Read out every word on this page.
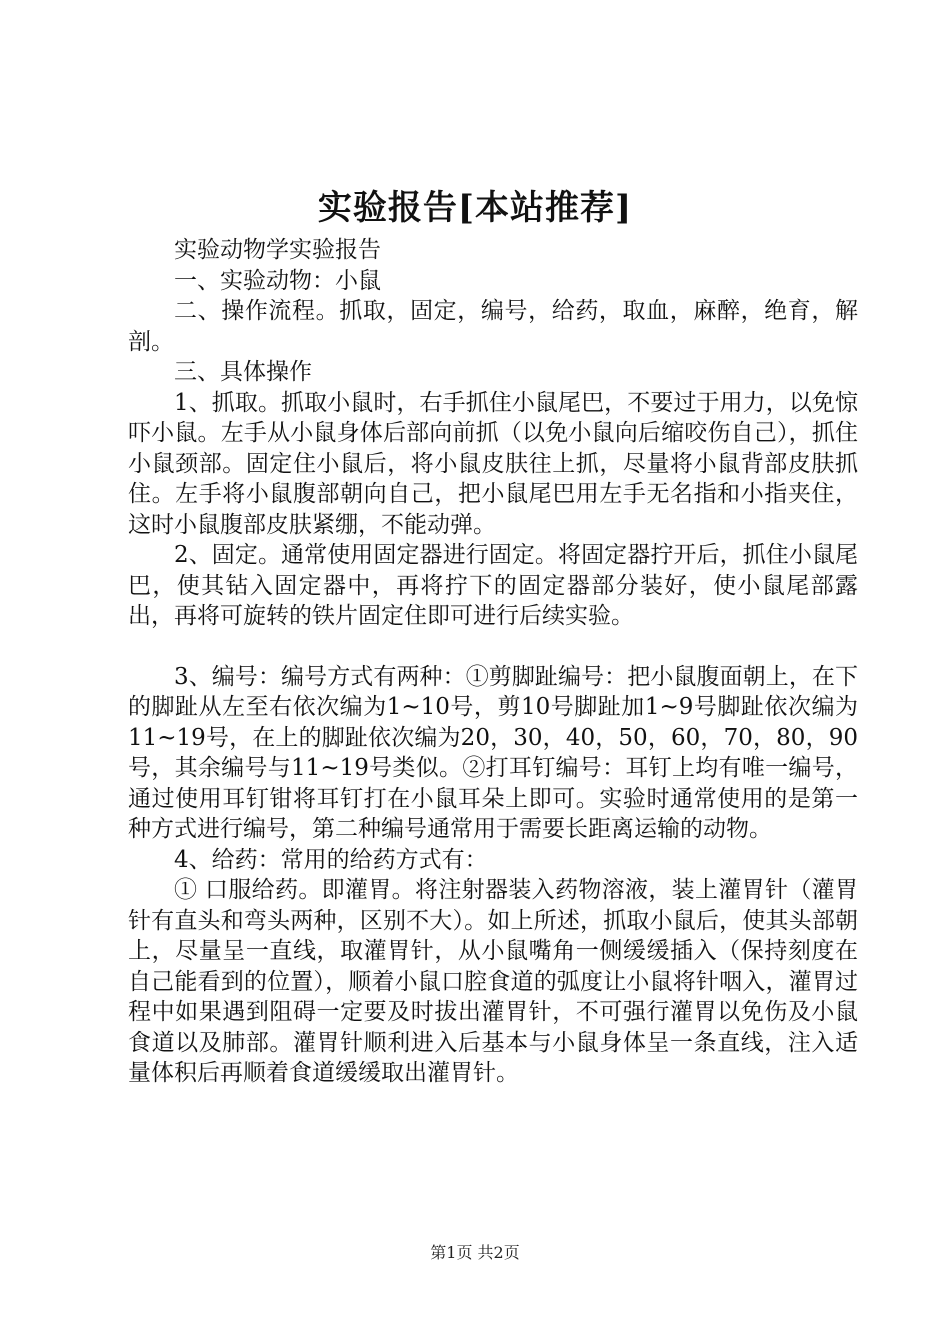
实验报告[本站推荐]

实验动物学实验报告

一、实验动物：小鼠

二、操作流程。抓取，固定，编号，给药，取血，麻醉，绝育，解剖。

三、具体操作

1、抓取。抓取小鼠时，右手抓住小鼠尾巴，不要过于用力，以免惊吓小鼠。左手从小鼠身体后部向前抓（以免小鼠向后缩咬伤自己），抓住小鼠颈部。固定住小鼠后，将小鼠皮肤往上抓，尽量将小鼠背部皮肤抓住。左手将小鼠腹部朝向自己，把小鼠尾巴用左手无名指和小指夹住，这时小鼠腹部皮肤紧绷，不能动弹。

2、固定。通常使用固定器进行固定。将固定器拧开后，抓住小鼠尾巴，使其钻入固定器中，再将拧下的固定器部分装好，使小鼠尾部露出，再将可旋转的铁片固定住即可进行后续实验。

3、编号：编号方式有两种：①剪脚趾编号：把小鼠腹面朝上，在下的脚趾从左至右依次编为1~10号，剪10号脚趾加1~9号脚趾依次编为11~19号，在上的脚趾依次编为20，30，40，50，60，70，80，90号，其余编号与11~19号类似。②打耳钉编号：耳钉上均有唯一编号，通过使用耳钉钳将耳钉打在小鼠耳朵上即可。实验时通常使用的是第一种方式进行编号，第二种编号通常用于需要长距离运输的动物。

4、给药：常用的给药方式有：

① 口服给药。即灌胃。将注射器装入药物溶液，装上灌胃针（灌胃针有直头和弯头两种，区别不大）。如上所述，抓取小鼠后，使其头部朝上，尽量呈一直线，取灌胃针，从小鼠嘴角一侧缓缓插入（保持刻度在自己能看到的位置），顺着小鼠口腔食道的弧度让小鼠将针咽入，灌胃过程中如果遇到阻碍一定要及时拔出灌胃针，不可强行灌胃以免伤及小鼠食道以及肺部。灌胃针顺利进入后基本与小鼠身体呈一条直线，注入适量体积后再顺着食道缓缓取出灌胃针。

第1页 共2页
